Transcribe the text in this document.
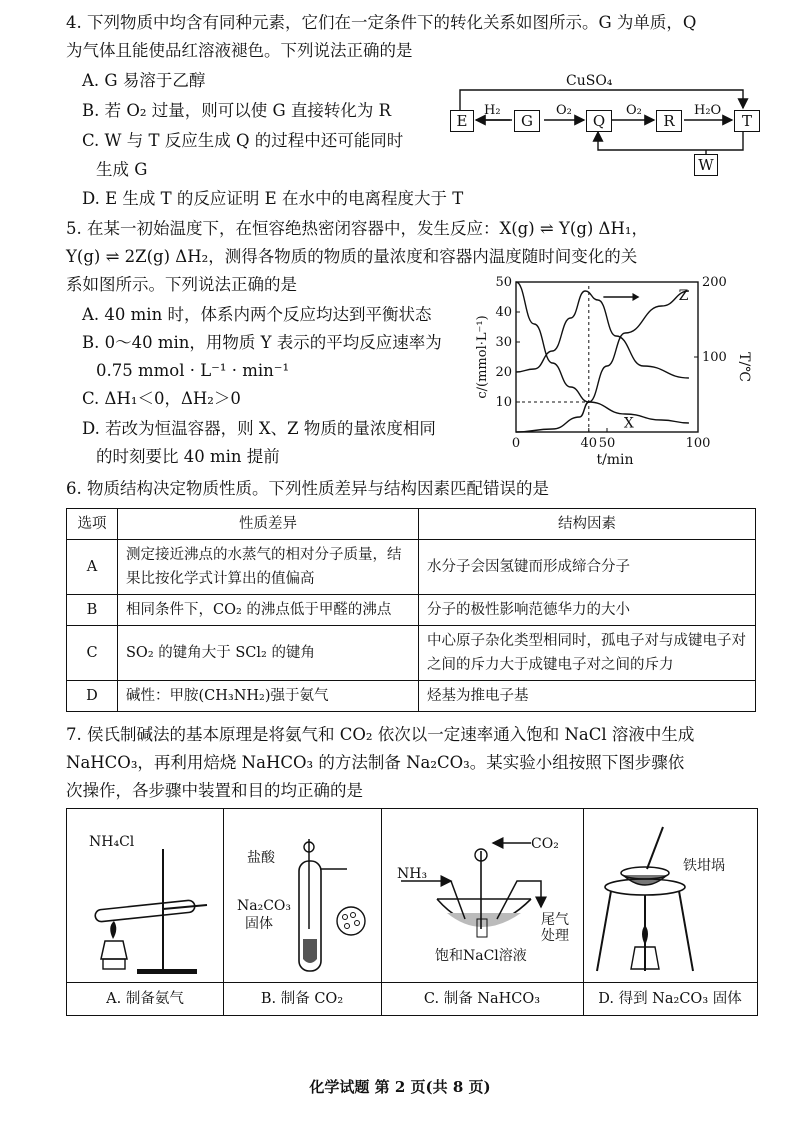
4. 下列物质中均含有同种元素，它们在一定条件下的转化关系如图所示。G 为单质，Q
为气体且能使品红溶液褪色。下列说法正确的是
A. G 易溶于乙醇
B. 若 O₂ 过量，则可以使 G 直接转化为 R
C. W 与 T 反应生成 Q 的过程中还可能同时
生成 G
D. E 生成 T 的反应证明 E 在水中的电离程度大于 T
E	G	Q	R	T
W
H₂	O₂	O₂	H₂O
CuSO₄
5. 在某一初始温度下，在恒容绝热密闭容器中，发生反应：X(g) ⇌ Y(g) ΔH₁，
Y(g) ⇌ 2Z(g) ΔH₂，测得各物质的物质的量浓度和容器内温度随时间变化的关
系如图所示。下列说法正确的是
A. 40 min 时，体系内两个反应均达到平衡状态
B. 0～40 min，用物质 Y 表示的平均反应速率为
0.75 mmol · L⁻¹ · min⁻¹
C. ΔH₁＜0，ΔH₂＞0
D. 若改为恒温容器，则 X、Z 物质的量浓度相同
的时刻要比 40 min 提前
10
20
30
40
50
100
200
0	40 50	100
t/min
c/(mmol·L⁻¹)	T/℃
Z
X
6. 物质结构决定物质性质。下列性质差异与结构因素匹配错误的是
选项	性质差异	结构因素
A	测定接近沸点的水蒸气的相对分子质量，结果比按化学式计算出的值偏高	水分子会因氢键而形成缔合分子
B	相同条件下，CO₂ 的沸点低于甲醛的沸点	分子的极性影响范德华力的大小
C	SO₂ 的键角大于 SCl₂ 的键角	中心原子杂化类型相同时，孤电子对与成键电子对之间的斥力大于成键电子对之间的斥力
D	碱性：甲胺(CH₃NH₂)强于氨气	烃基为推电子基
7. 侯氏制碱法的基本原理是将氨气和 CO₂ 依次以一定速率通入饱和 NaCl 溶液中生成
NaHCO₃，再利用焙烧 NaHCO₃ 的方法制备 Na₂CO₃。某实验小组按照下图步骤依
次操作，各步骤中装置和目的均正确的是
NH₄Cl
A. 制备氨气
盐酸
Na₂CO₃
固体
B. 制备 CO₂
CO₂
NH₃
尾气
处理
饱和NaCl溶液
C. 制备 NaHCO₃
铁坩埚
D. 得到 Na₂CO₃ 固体
化学试题 第 2 页(共 8 页)
